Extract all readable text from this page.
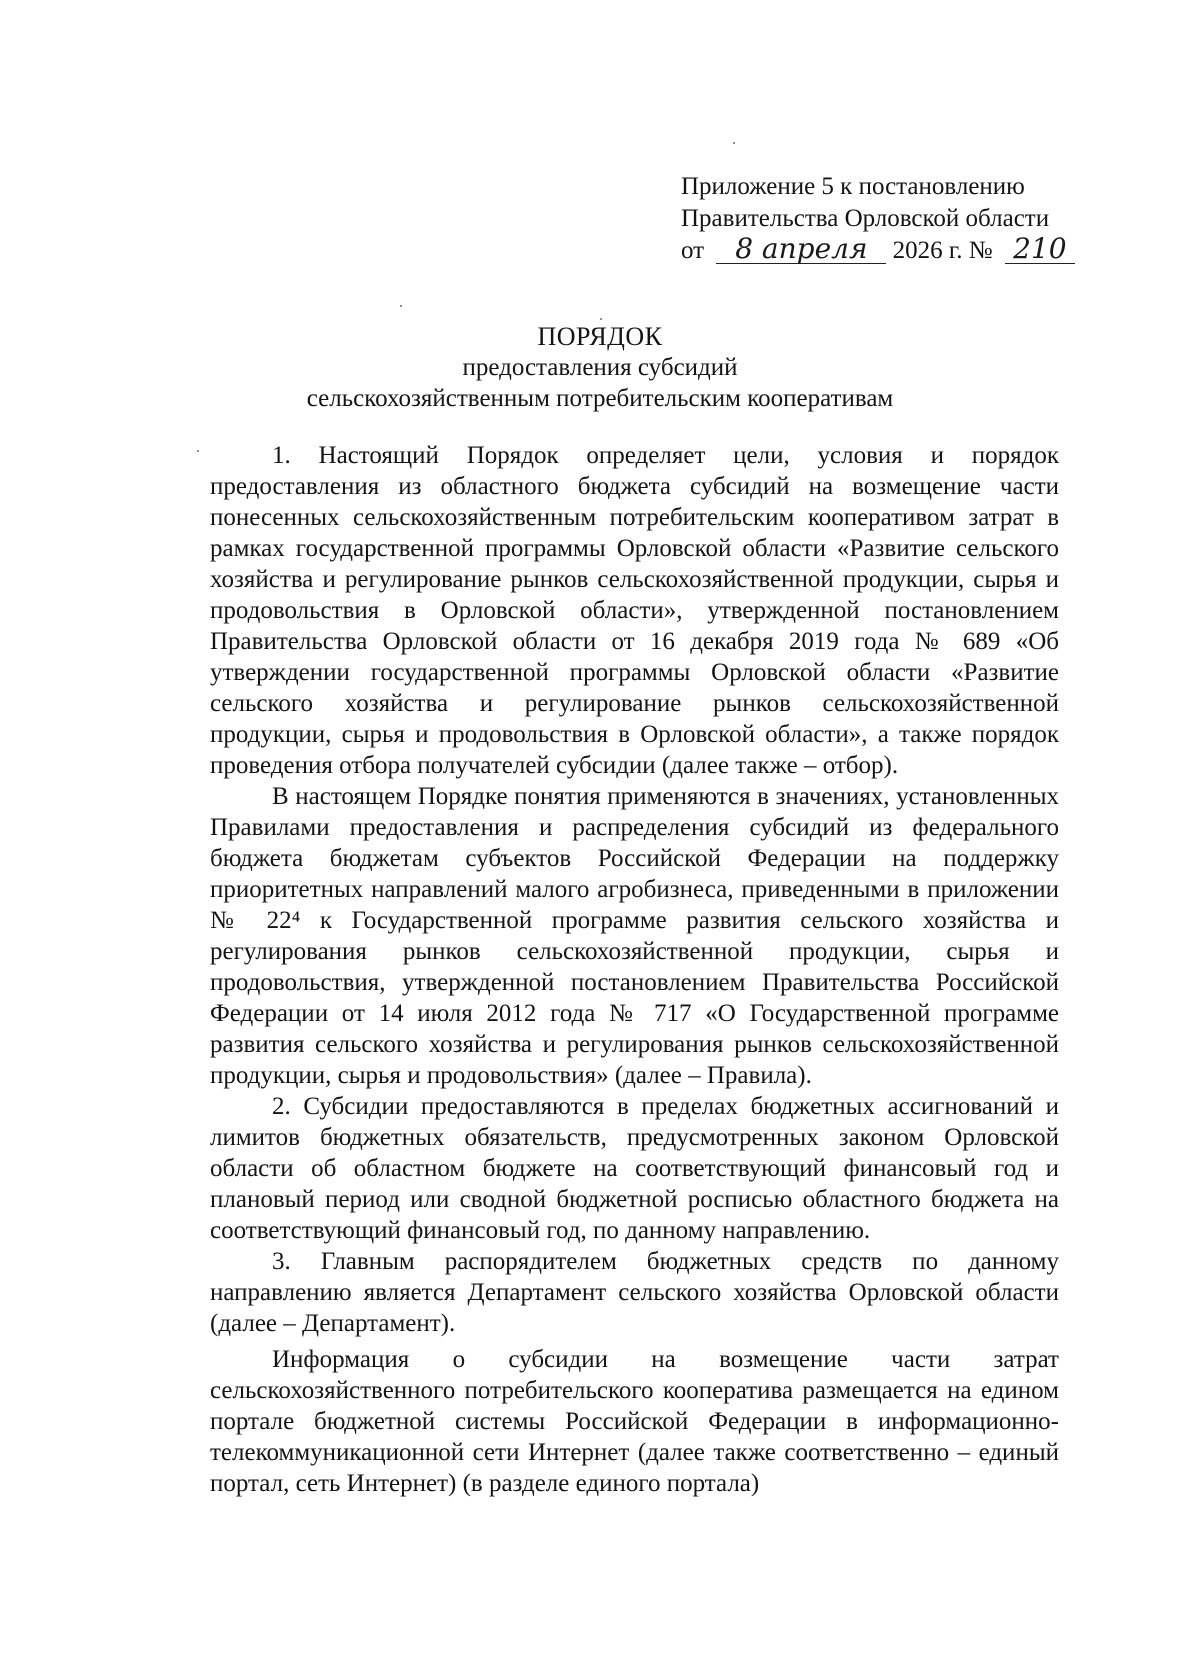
Приложение 5 к постановлению
Правительства Орловской области
от 8 апреля 2026 г. № 210
ПОРЯДОК
предоставления субсидий
сельскохозяйственным потребительским кооперативам

1. Настоящий Порядок определяет цели, условия и порядок предоставления из областного бюджета субсидий на возмещение части понесенных сельскохозяйственным потребительским кооперативом затрат в рамках государственной программы Орловской области «Развитие сельского хозяйства и регулирование рынков сельскохозяйственной продукции, сырья и продовольствия в Орловской области», утвержденной постановлением Правительства Орловской области от 16 декабря 2019 года № 689 «Об утверждении государственной программы Орловской области «Развитие сельского хозяйства и регулирование рынков сельскохозяйственной продукции, сырья и продовольствия в Орловской области», а также порядок проведения отбора получателей субсидии (далее также – отбор).

В настоящем Порядке понятия применяются в значениях, установленных Правилами предоставления и распределения субсидий из федерального бюджета бюджетам субъектов Российской Федерации на поддержку приоритетных направлений малого агробизнеса, приведенными в приложении № 22⁴ к Государственной программе развития сельского хозяйства и регулирования рынков сельскохозяйственной продукции, сырья и продовольствия, утвержденной постановлением Правительства Российской Федерации от 14 июля 2012 года № 717 «О Государственной программе развития сельского хозяйства и регулирования рынков сельскохозяйственной продукции, сырья и продовольствия» (далее – Правила).

2. Субсидии предоставляются в пределах бюджетных ассигнований и лимитов бюджетных обязательств, предусмотренных законом Орловской области об областном бюджете на соответствующий финансовый год и плановый период или сводной бюджетной росписью областного бюджета на соответствующий финансовый год, по данному направлению.

3. Главным распорядителем бюджетных средств по данному направлению является Департамент сельского хозяйства Орловской области (далее – Департамент).

Информация о субсидии на возмещение части затрат сельскохозяйственного потребительского кооператива размещается на едином портале бюджетной системы Российской Федерации в информационно-телекоммуникационной сети Интернет (далее также соответственно – единый портал, сеть Интернет) (в разделе единого портала)
